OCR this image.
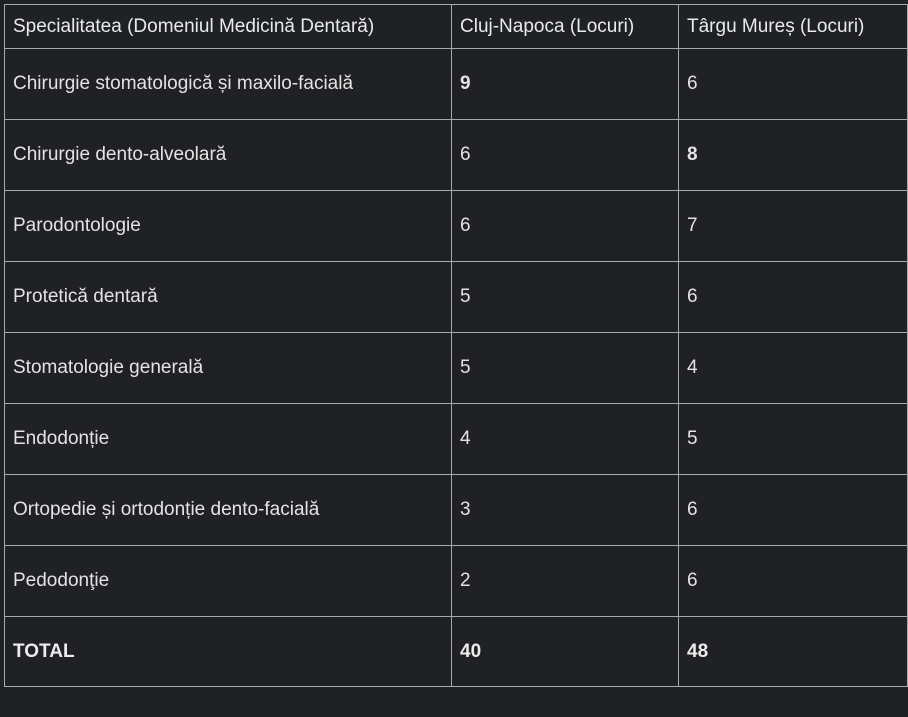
Specialitatea (Domeniul Medicină Dentară)	Cluj-Napoca (Locuri)	Târgu Mureș (Locuri)
Chirurgie stomatologică și maxilo-facială	9	6
Chirurgie dento-alveolară	6	8
Parodontologie	6	7
Protetică dentară	5	6
Stomatologie generală	5	4
Endodonție	4	5
Ortopedie și ortodonție dento-facială	3	6
Pedodonţie	2	6
TOTAL	40	48
